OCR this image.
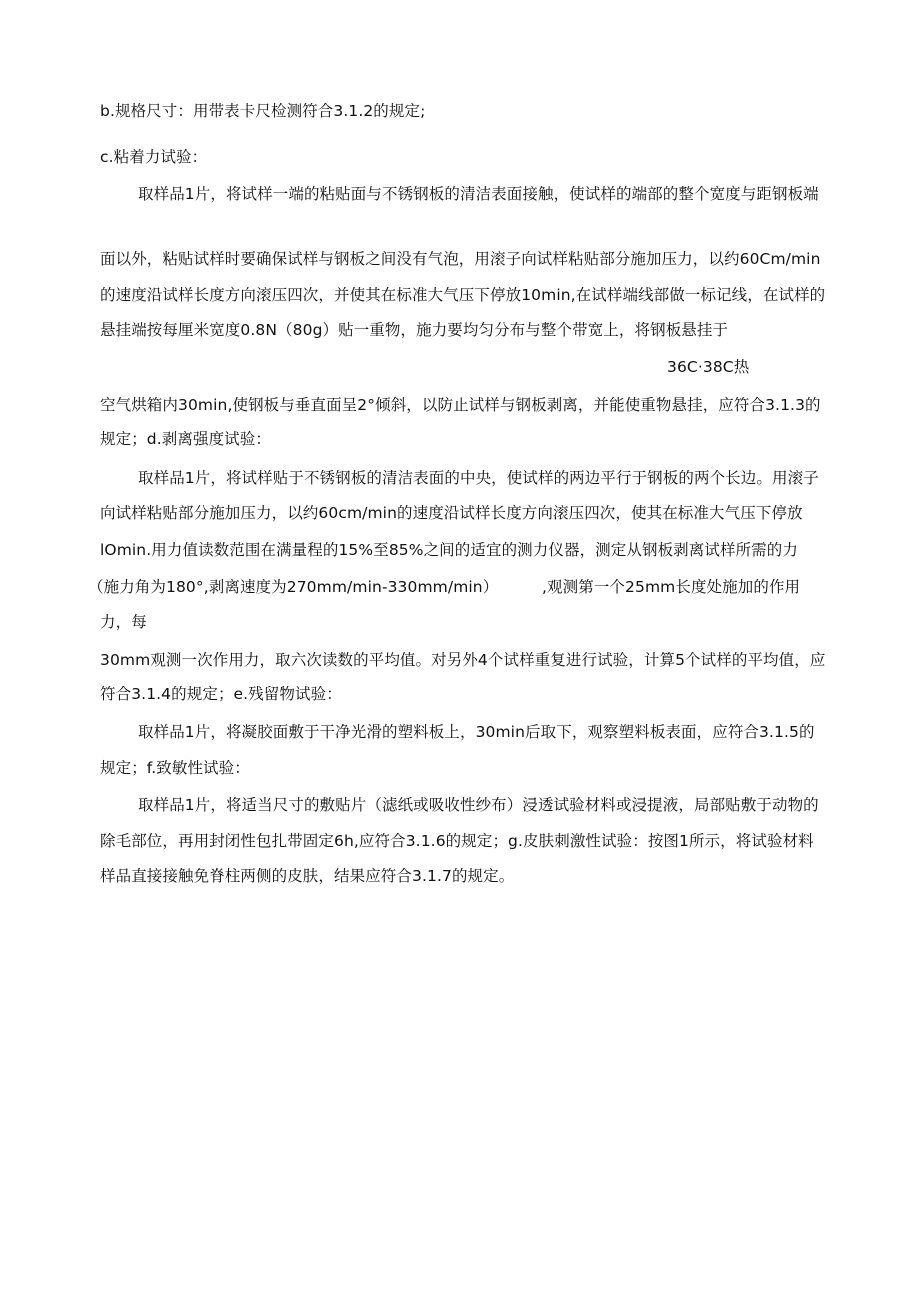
b.规格尺寸：用带表卡尺检测符合3.1.2的规定;
c.粘着力试验：
取样品1片，将试样一端的粘贴面与不锈钢板的清洁表面接触，使试样的端部的整个宽度与距钢板端
面以外，粘贴试样时要确保试样与钢板之间没有气泡，用滚子向试样粘贴部分施加压力，以约60Cm/min
的速度沿试样长度方向滚压四次，并使其在标准大气压下停放10min,在试样端线部做一标记线，在试样的
悬挂端按每厘米宽度0.8N（80g）贴一重物，施力要均匀分布与整个带宽上，将钢板悬挂于
36C·38C热
空气烘箱内30min,使钢板与垂直面呈2°倾斜，以防止试样与钢板剥离，并能使重物悬挂，应符合3.1.3的
规定；d.剥离强度试验：
取样品1片，将试样贴于不锈钢板的清洁表面的中央，使试样的两边平行于钢板的两个长边。用滚子
向试样粘贴部分施加压力，以约60cm/min的速度沿试样长度方向滚压四次，使其在标准大气压下停放
lOmin.用力值读数范围在满量程的15%至85%之间的适宜的测力仪器，测定从钢板剥离试样所需的力
（施力角为180°,剥离速度为270mm/min-330mm/min）	,观测第一个25mm长度处施加的作用
力，每
30mm观测一次作用力，取六次读数的平均值。对另外4个试样重复进行试验，计算5个试样的平均值，应
符合3.1.4的规定；e.残留物试验：
取样品1片，将凝胶面敷于干净光滑的塑料板上，30min后取下，观察塑料板表面，应符合3.1.5的
规定；f.致敏性试验：
取样品1片，将适当尺寸的敷贴片（滤纸或吸收性纱布）浸透试验材料或浸提液，局部贴敷于动物的
除毛部位，再用封闭性包扎带固定6h,应符合3.1.6的规定；g.皮肤刺激性试验：按图1所示，将试验材料
样品直接接触免脊柱两侧的皮肤，结果应符合3.1.7的规定。
